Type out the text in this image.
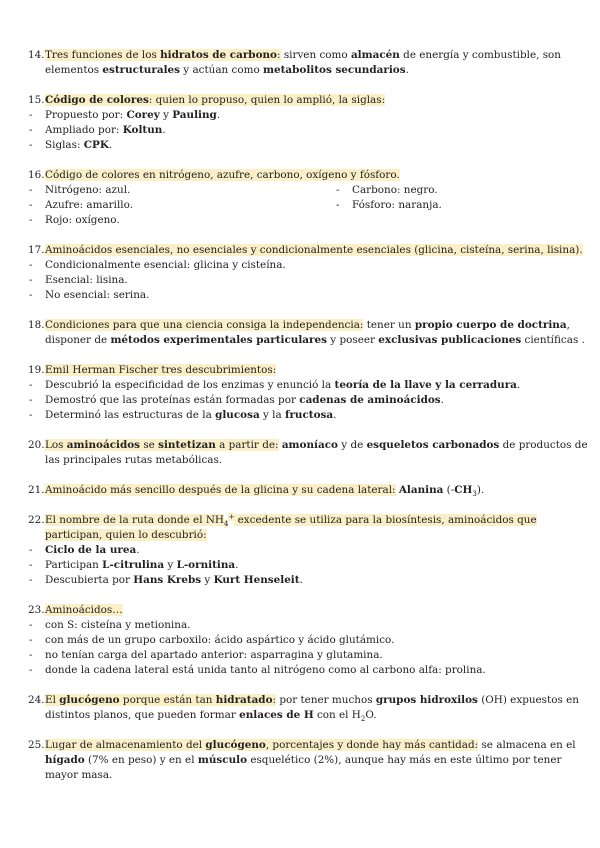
14. Tres funciones de los hidratos de carbono: sirven como almacén de energía y combustible, son elementos estructurales y actúan como metabolitos secundarios.
15. Código de colores: quien lo propuso, quien lo amplió, la siglas:
- Propuesto por: Corey y Pauling.
- Ampliado por: Koltun.
- Siglas: CPK.
16. Código de colores en nitrógeno, azufre, carbono, oxígeno y fósforo.
- Nitrógeno: azul.	- Carbono: negro.
- Azufre: amarillo.	- Fósforo: naranja.
- Rojo: oxígeno.
17. Aminoácidos esenciales, no esenciales y condicionalmente esenciales (glicina, cisteína, serina, lisina).
- Condicionalmente esencial: glicina y cisteína.
- Esencial: lisina.
- No esencial: serina.
18. Condiciones para que una ciencia consiga la independencia: tener un propio cuerpo de doctrina, disponer de métodos experimentales particulares y poseer exclusivas publicaciones científicas .
19. Emil Herman Fischer tres descubrimientos:
- Descubrió la especificidad de los enzimas y enunció la teoría de la llave y la cerradura.
- Demostró que las proteínas están formadas por cadenas de aminoácidos.
- Determinó las estructuras de la glucosa y la fructosa.
20. Los aminoácidos se sintetizan a partir de: amoníaco y de esqueletos carbonados de productos de las principales rutas metabólicas.
21. Aminoácido más sencillo después de la glicina y su cadena lateral: Alanina $(-CH_3)$.
22. El nombre de la ruta donde el $NH_4^+$ excedente se utiliza para la biosíntesis, aminoácidos que participan, quien lo descubrió:
- Ciclo de la urea.
- Participan L-citrulina y L-ornitina.
- Descubierta por Hans Krebs y Kurt Henseleit.
23. Aminoácidos…
- con S: cisteína y metionina.
- con más de un grupo carboxilo: ácido aspártico y ácido glutámico.
- no tenían carga del apartado anterior: asparragina y glutamina.
- donde la cadena lateral está unida tanto al nitrógeno como al carbono alfa: prolina.
24. El glucógeno porque están tan hidratado: por tener muchos grupos hidroxilos (OH) expuestos en distintos planos, que pueden formar enlaces de H con el $H_2O$.
25. Lugar de almacenamiento del glucógeno, porcentajes y donde hay más cantidad: se almacena en el hígado (7% en peso) y en el músculo esquelético (2%), aunque hay más en este último por tener mayor masa.
